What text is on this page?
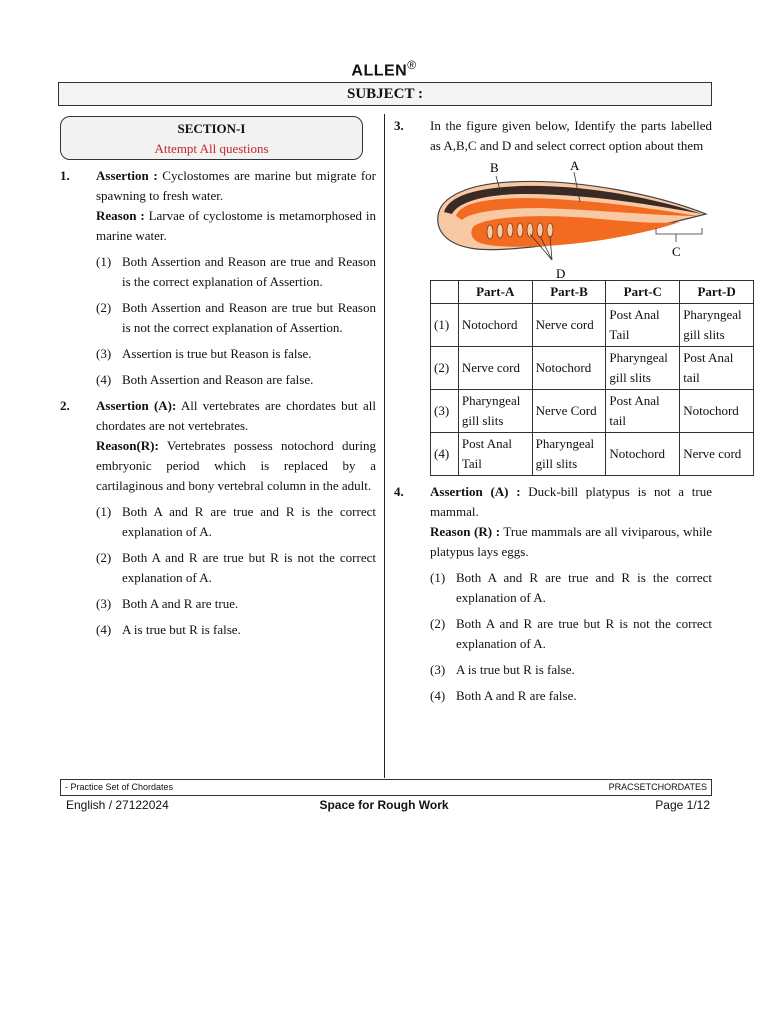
ALLEN®
SUBJECT :
SECTION-I
Attempt All questions
1.	Assertion : Cyclostomes are marine but migrate for spawning to fresh water.
Reason : Larvae of cyclostome is metamorphosed in marine water.
(1) Both Assertion and Reason are true and Reason is the correct explanation of Assertion.
(2) Both Assertion and Reason are true but Reason is not the correct explanation of Assertion.
(3) Assertion is true but Reason is false.
(4) Both Assertion and Reason are false.
2.	Assertion (A): All vertebrates are chordates but all chordates are not vertebrates.
Reason(R): Vertebrates possess notochord during embryonic period which is replaced by a cartilaginous and bony vertebral column in the adult.
(1) Both A and R are true and R is the correct explanation of A.
(2) Both A and R are true but R is not the correct explanation of A.
(3) Both A and R are true.
(4) A is true but R is false.
3.	In the figure given below, Identify the parts labelled as A,B,C and D and select correct option about them
B	A
C
D
	Part-A	Part-B	Part-C	Part-D
(1)	Notochord	Nerve cord	Post Anal Tail	Pharyngeal gill slits
(2)	Nerve cord	Notochord	Pharyngeal gill slits	Post Anal tail
(3)	Pharyngeal gill slits	Nerve Cord	Post Anal tail	Notochord
(4)	Post Anal Tail	Pharyngeal gill slits	Notochord	Nerve cord
4.	Assertion (A) : Duck-bill platypus is not a true mammal.
Reason (R) : True mammals are all viviparous, while platypus lays eggs.
(1) Both A and R are true and R is the correct explanation of A.
(2) Both A and R are true but R is not the correct explanation of A.
(3) A is true but R is false.
(4) Both A and R are false.
- Practice Set of Chordates	PRACSETCHORDATES
English / 27122024	Space for Rough Work	Page 1/12
